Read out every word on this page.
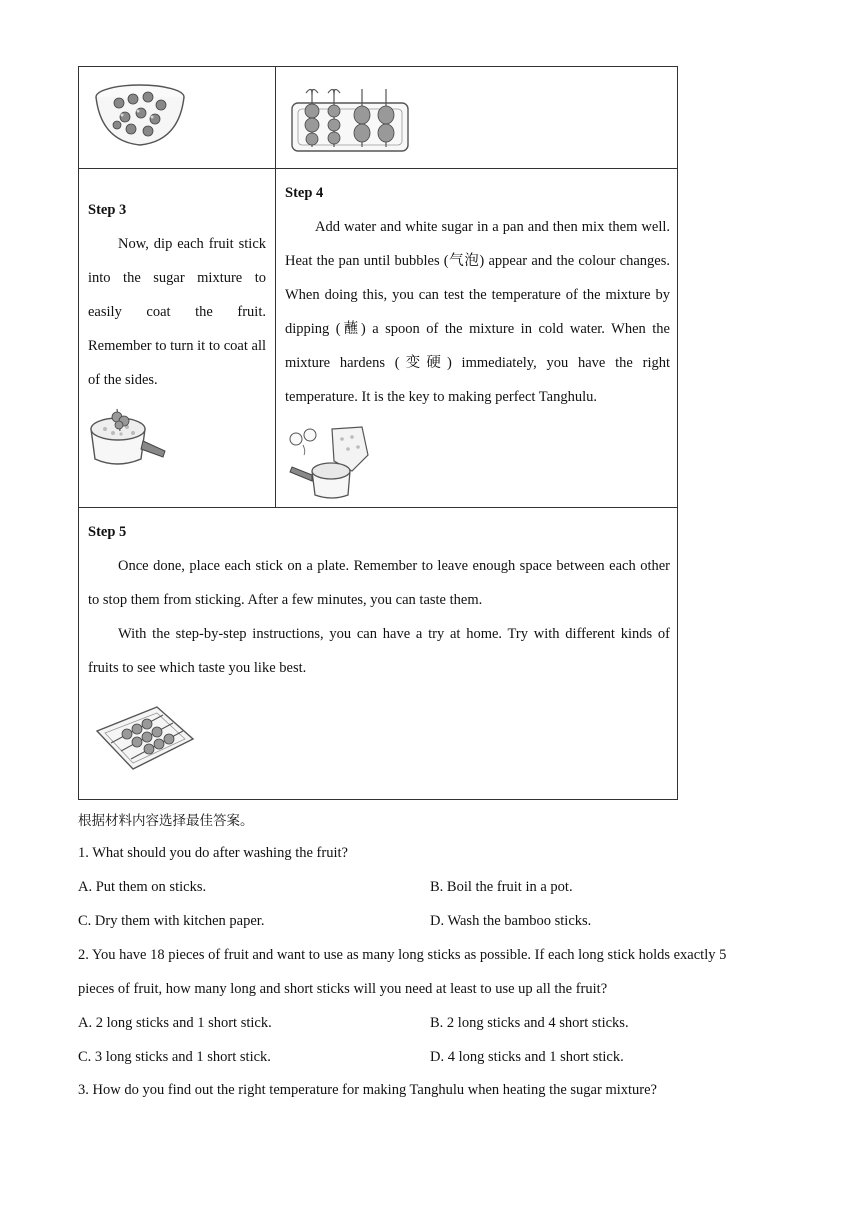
Step 3

Now, dip each fruit stick into the sugar mixture to easily coat the fruit. Remember to turn it to coat all of the sides.

Step 4

Add water and white sugar in a pan and then mix them well. Heat the pan until bubbles (气泡) appear and the colour changes. When doing this, you can test the temperature of the mixture by dipping (蘸) a spoon of the mixture in cold water. When the mixture hardens (变硬) immediately, you have the right temperature. It is the key to making perfect Tanghulu.

Step 5

Once done, place each stick on a plate. Remember to leave enough space between each other to stop them from sticking. After a few minutes, you can taste them.

With the step-by-step instructions, you can have a try at home. Try with different kinds of fruits to see which taste you like best.

根据材料内容选择最佳答案。
1. What should you do after washing the fruit?
A. Put them on sticks.	B. Boil the fruit in a pot.
C. Dry them with kitchen paper.	D. Wash the bamboo sticks.
2. You have 18 pieces of fruit and want to use as many long sticks as possible. If each long stick holds exactly 5
pieces of fruit, how many long and short sticks will you need at least to use up all the fruit?
A. 2 long sticks and 1 short stick.	B. 2 long sticks and 4 short sticks.
C. 3 long sticks and 1 short stick.	D. 4 long sticks and 1 short stick.
3. How do you find out the right temperature for making Tanghulu when heating the sugar mixture?
